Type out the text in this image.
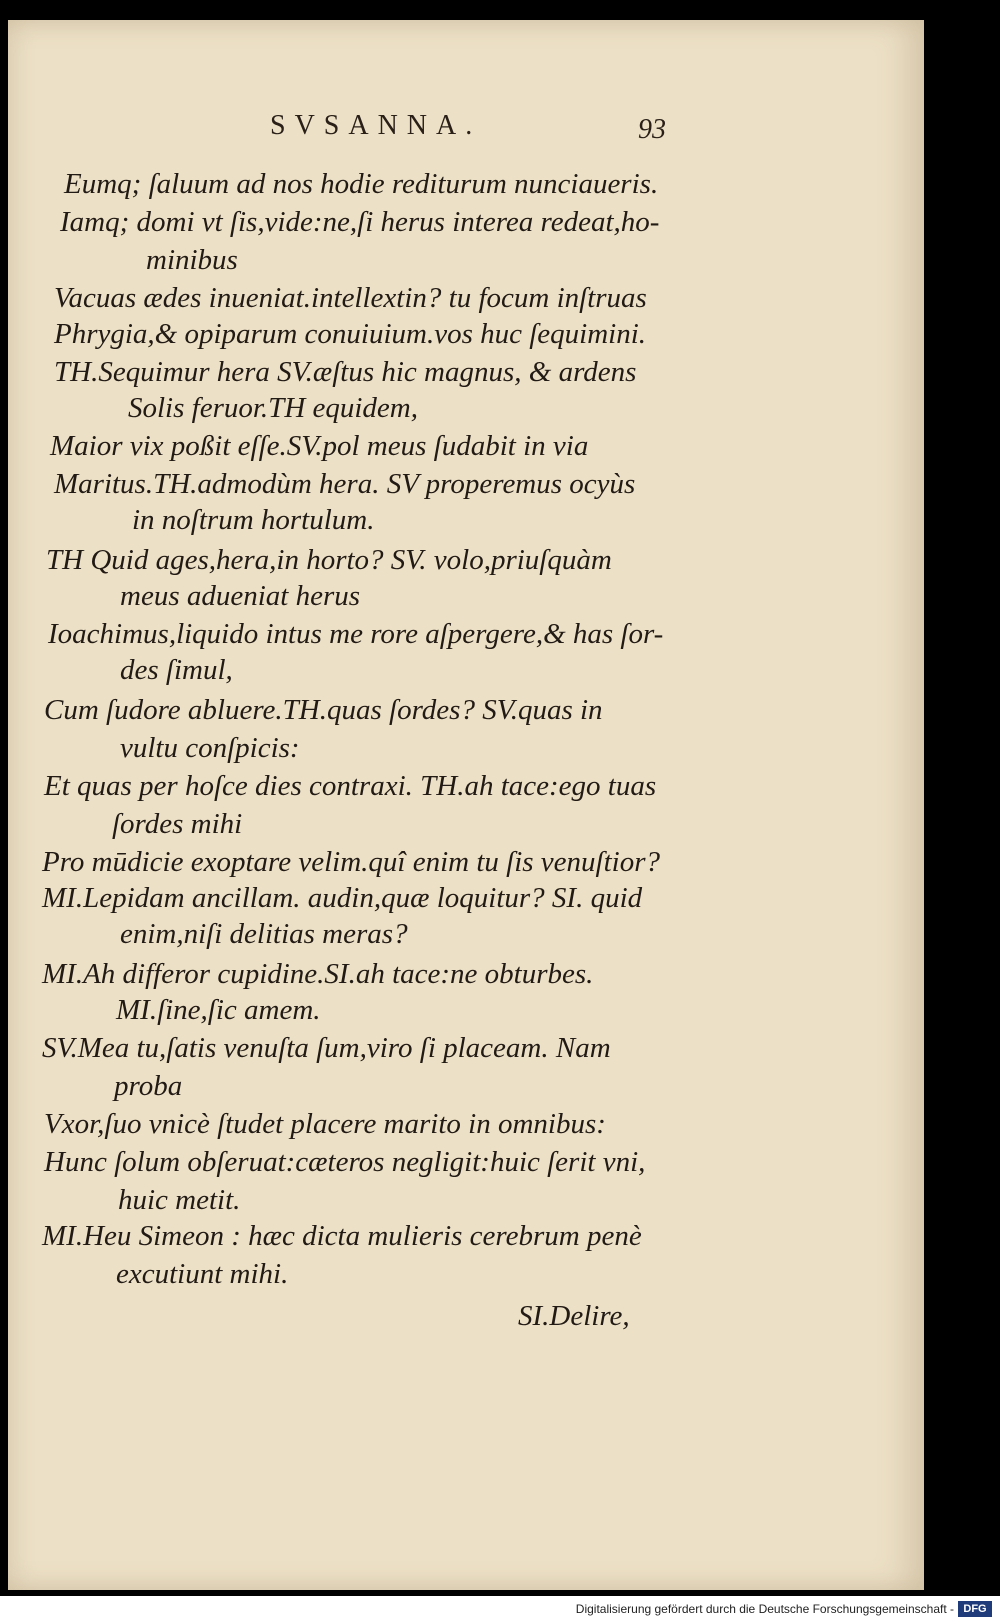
SVSANNA.	93
Eumq; ſaluum ad nos hodie rediturum nunciaueris.
Iamq; domi vt ſis,vide:ne,ſi herus interea redeat,ho-
minibus
Vacuas ædes inueniat.intellextin? tu focum inſtruas
Phrygia,& opiparum conuiuium.vos huc ſequimini.
TH.Sequimur hera SV.æſtus hic magnus, & ardens
Solis feruor.TH equidem,
Maior vix poßit eſſe.SV.pol meus ſudabit in via
Maritus.TH.admodùm hera. SV properemus ocyùs
in noſtrum hortulum.
TH Quid ages,hera,in horto? SV. volo,priuſquàm
meus adueniat herus
Ioachimus,liquido intus me rore aſpergere,& has ſor-
des ſimul,
Cum ſudore abluere.TH.quas ſordes? SV.quas in
vultu conſpicis:
Et quas per hoſce dies contraxi. TH.ah tace:ego tuas
ſordes mihi
Pro mūdicie exoptare velim.quî enim tu ſis venuſtior?
MI.Lepidam ancillam. audin,quæ loquitur? SI. quid
enim,niſi delitias meras?
MI.Ah differor cupidine.SI.ah tace:ne obturbes.
MI.ſine,ſic amem.
SV.Mea tu,ſatis venuſta ſum,viro ſi placeam. Nam
proba
Vxor,ſuo vnicè ſtudet placere marito in omnibus:
Hunc ſolum obſeruat:cæteros negligit:huic ſerit vni,
huic metit.
MI.Heu Simeon : hæc dicta mulieris cerebrum penè
excutiunt mihi.
SI.Delire,
Digitalisierung gefördert durch die Deutsche Forschungsgemeinschaft - DFG
